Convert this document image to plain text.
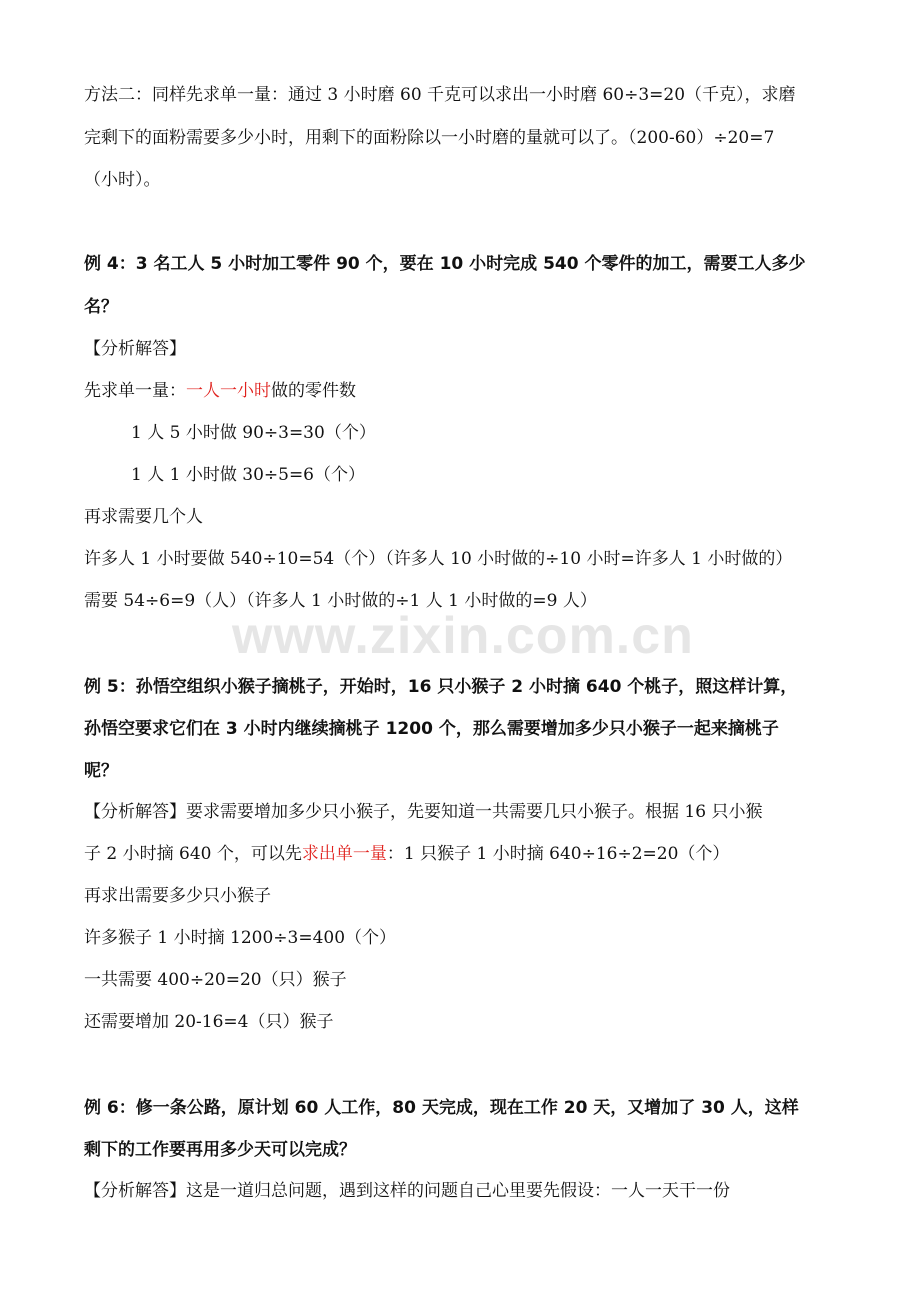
www.zixin.com.cn
方法二：同样先求单一量：通过 3 小时磨 60 千克可以求出一小时磨 60÷3=20（千克），求磨
完剩下的面粉需要多少小时，用剩下的面粉除以一小时磨的量就可以了。（200-60）÷20=7
（小时）。
例 4：3 名工人 5 小时加工零件 90 个，要在 10 小时完成 540 个零件的加工，需要工人多少
名？
【分析解答】
先求单一量：一人一小时做的零件数
1 人 5 小时做 90÷3=30（个）
1 人 1 小时做 30÷5=6（个）
再求需要几个人
许多人 1 小时要做 540÷10=54（个）（许多人 10 小时做的÷10 小时=许多人 1 小时做的）
需要 54÷6=9（人）（许多人 1 小时做的÷1 人 1 小时做的=9 人）
例 5：孙悟空组织小猴子摘桃子，开始时，16 只小猴子 2 小时摘 640 个桃子，照这样计算，
孙悟空要求它们在 3 小时内继续摘桃子 1200 个，那么需要增加多少只小猴子一起来摘桃子
呢？
【分析解答】要求需要增加多少只小猴子，先要知道一共需要几只小猴子。根据 16 只小猴
子 2 小时摘 640 个，可以先求出单一量：1 只猴子 1 小时摘 640÷16÷2=20（个）
再求出需要多少只小猴子
许多猴子 1 小时摘 1200÷3=400（个）
一共需要 400÷20=20（只）猴子
还需要增加 20-16=4（只）猴子
例 6：修一条公路，原计划 60 人工作，80 天完成，现在工作 20 天，又增加了 30 人，这样
剩下的工作要再用多少天可以完成？
【分析解答】这是一道归总问题，遇到这样的问题自己心里要先假设：一人一天干一份
